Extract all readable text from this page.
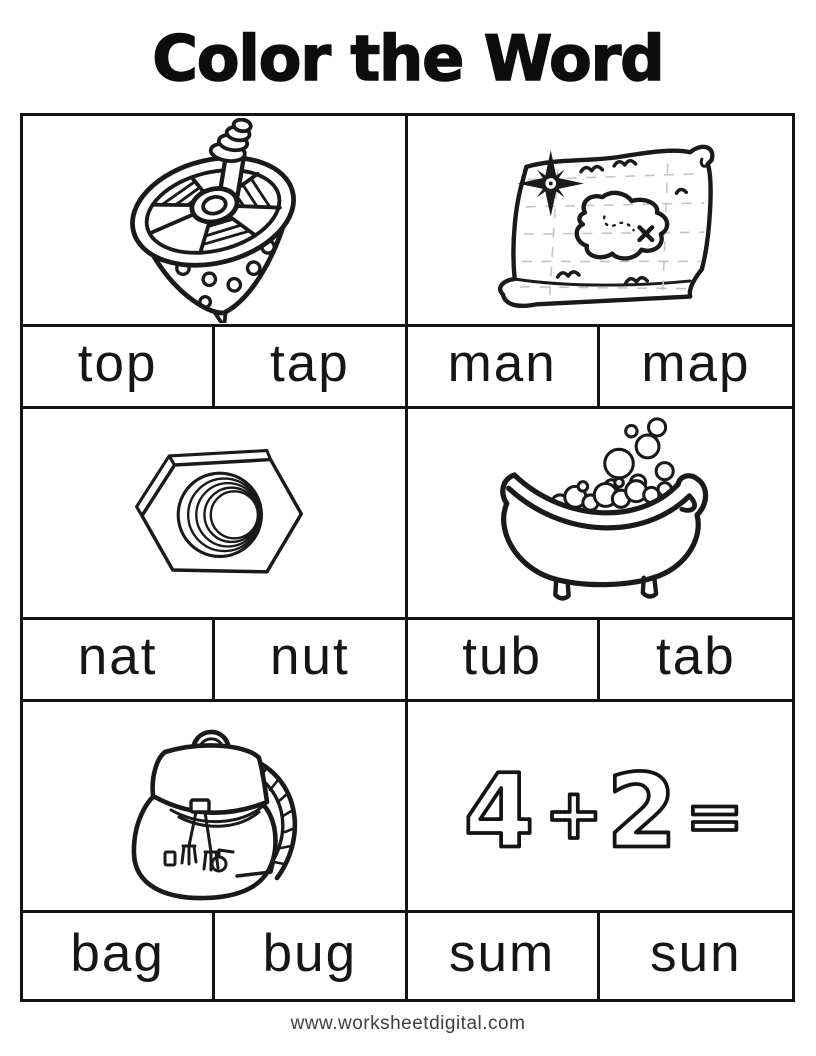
Color the Word
top tap man map
nat nut tub tab
4 + 2 =
bag bug sum sun
www.worksheetdigital.com
